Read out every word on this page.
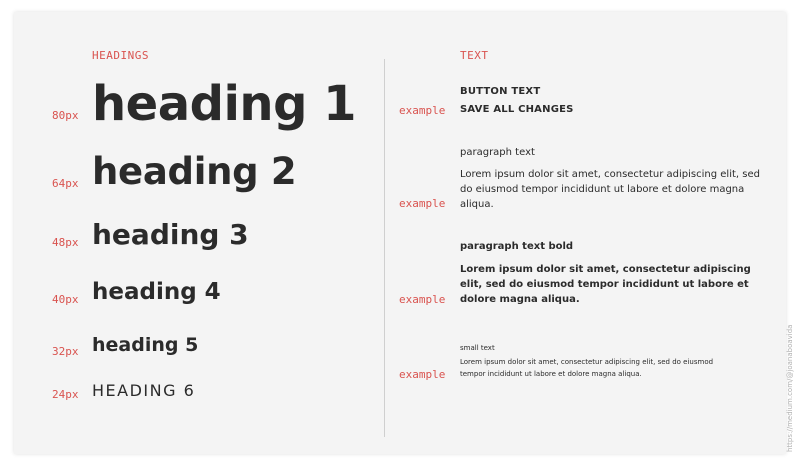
HEADINGS
80px heading 1
64px heading 2
48px heading 3
40px heading 4
32px heading 5
24px HEADING 6
TEXT
BUTTON TEXT
example SAVE ALL CHANGES
paragraph text
example
Lorem ipsum dolor sit amet, consectetur adipiscing elit, sed do eiusmod tempor incididunt ut labore et dolore magna aliqua.
paragraph text bold
example
Lorem ipsum dolor sit amet, consectetur adipiscing elit, sed do eiusmod tempor incididunt ut labore et dolore magna aliqua.
small text
example
Lorem ipsum dolor sit amet, consectetur adipiscing elit, sed do eiusmod tempor incididunt ut labore et dolore magna aliqua.	https://medium.com/@joanaboavida
